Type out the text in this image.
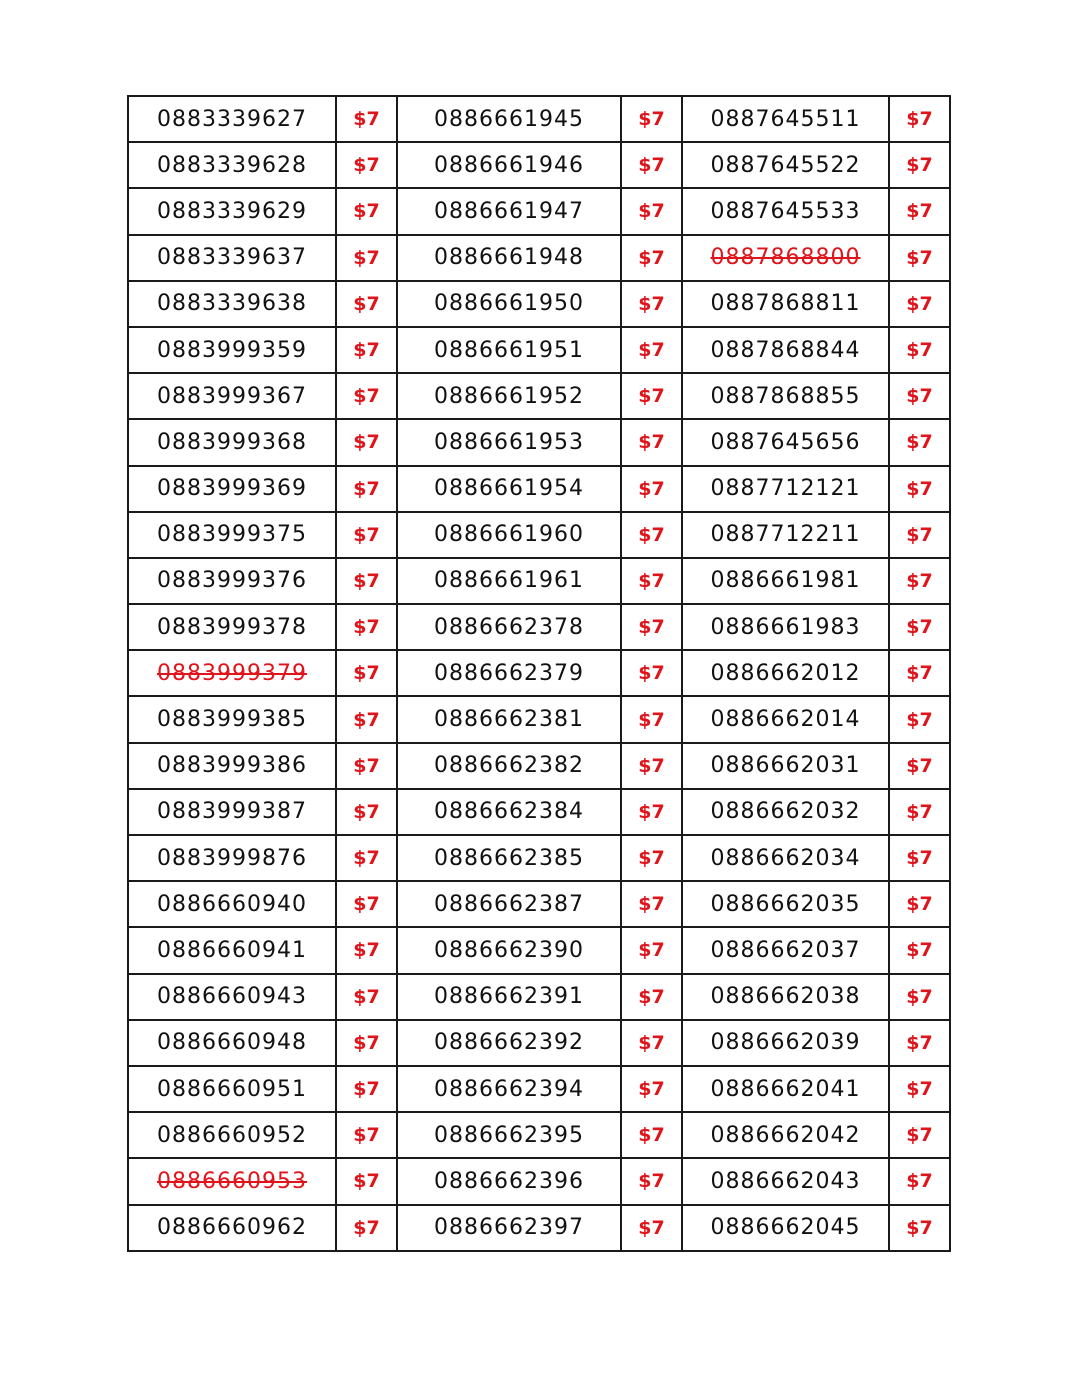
0883339627	$7	0886661945	$7	0887645511	$7
0883339628	$7	0886661946	$7	0887645522	$7
0883339629	$7	0886661947	$7	0887645533	$7
0883339637	$7	0886661948	$7	0887868800	$7
0883339638	$7	0886661950	$7	0887868811	$7
0883999359	$7	0886661951	$7	0887868844	$7
0883999367	$7	0886661952	$7	0887868855	$7
0883999368	$7	0886661953	$7	0887645656	$7
0883999369	$7	0886661954	$7	0887712121	$7
0883999375	$7	0886661960	$7	0887712211	$7
0883999376	$7	0886661961	$7	0886661981	$7
0883999378	$7	0886662378	$7	0886661983	$7
0883999379	$7	0886662379	$7	0886662012	$7
0883999385	$7	0886662381	$7	0886662014	$7
0883999386	$7	0886662382	$7	0886662031	$7
0883999387	$7	0886662384	$7	0886662032	$7
0883999876	$7	0886662385	$7	0886662034	$7
0886660940	$7	0886662387	$7	0886662035	$7
0886660941	$7	0886662390	$7	0886662037	$7
0886660943	$7	0886662391	$7	0886662038	$7
0886660948	$7	0886662392	$7	0886662039	$7
0886660951	$7	0886662394	$7	0886662041	$7
0886660952	$7	0886662395	$7	0886662042	$7
0886660953	$7	0886662396	$7	0886662043	$7
0886660962	$7	0886662397	$7	0886662045	$7
